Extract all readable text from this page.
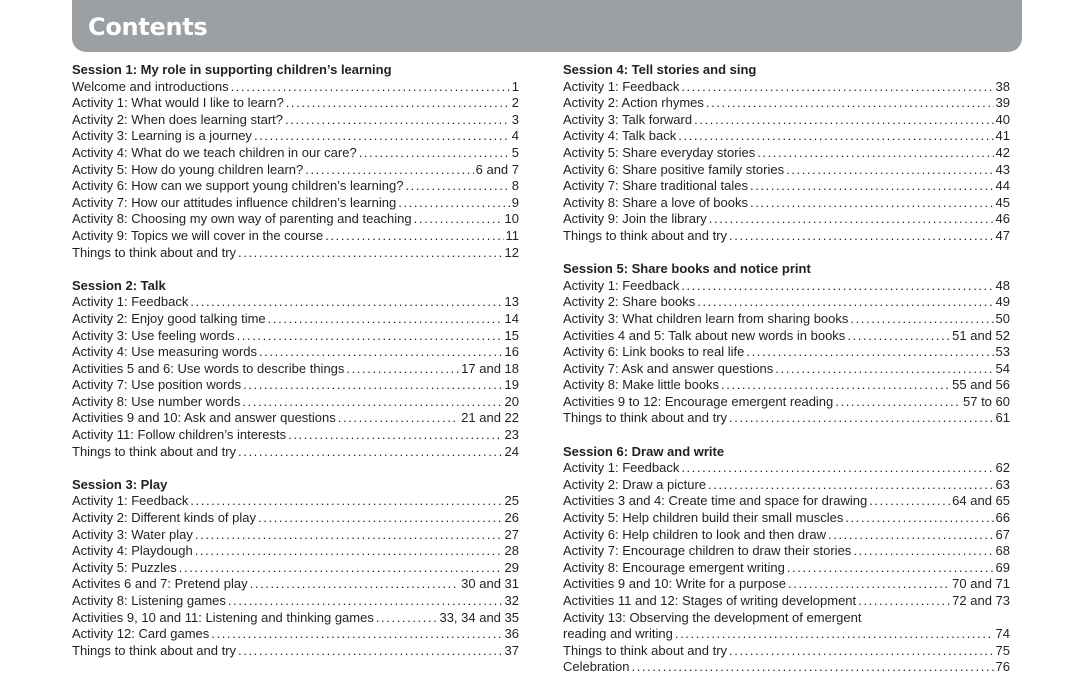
Contents
Session 1: My role in supporting children’s learning
Welcome and introductions .....	1
Activity 1: What would I like to learn? .....	2
Activity 2: When does learning start? .....	3
Activity 3: Learning is a journey .....	4
Activity 4: What do we teach children in our care? .....	5
Activity 5: How do young children learn? .....	6 and 7
Activity 6: How can we support young children’s learning? .....	8
Activity 7: How our attitudes influence children’s learning .....	9
Activity 8: Choosing my own way of parenting and teaching .....	10
Activity 9: Topics we will cover in the course .....	11
Things to think about and try .....	12
Session 2: Talk
Activity 1: Feedback .....	13
Activity 2: Enjoy good talking time .....	14
Activity 3: Use feeling words .....	15
Activity 4: Use measuring words .....	16
Activities 5 and 6: Use words to describe things .....	17 and 18
Activity 7: Use position words .....	19
Activity 8: Use number words .....	20
Activities 9 and 10: Ask and answer questions .....	21 and 22
Activity 11: Follow children’s interests .....	23
Things to think about and try .....	24
Session 3: Play
Activity 1: Feedback .....	25
Activity 2: Different kinds of play .....	26
Activity 3: Water play .....	27
Activity 4: Playdough .....	28
Activity 5: Puzzles .....	29
Activites 6 and 7: Pretend play .....	30 and 31
Activity 8: Listening games .....	32
Activities 9, 10 and 11: Listening and thinking games .....	33, 34 and 35
Activity 12: Card games .....	36
Things to think about and try .....	37
Session 4: Tell stories and sing
Activity 1: Feedback .....	38
Activity 2: Action rhymes .....	39
Activity 3: Talk forward .....	40
Activity 4: Talk back .....	41
Activity 5: Share everyday stories .....	42
Activity 6: Share positive family stories .....	43
Activity 7: Share traditional tales .....	44
Activity 8: Share a love of books .....	45
Activity 9: Join the library .....	46
Things to think about and try .....	47
Session 5: Share books and notice print
Activity 1: Feedback .....	48
Activity 2: Share books .....	49
Activity 3: What children learn from sharing books .....	50
Activities 4 and 5: Talk about new words in books .....	51 and 52
Activity 6: Link books to real life .....	53
Activity 7: Ask and answer questions .....	54
Activity 8: Make little books .....	55 and 56
Activities 9 to 12: Encourage emergent reading .....	57 to 60
Things to think about and try .....	61
Session 6: Draw and write
Activity 1: Feedback .....	62
Activity 2: Draw a picture .....	63
Activities 3 and 4: Create time and space for drawing .....	64 and 65
Activity 5: Help children build their small muscles .....	66
Activity 6: Help children to look and then draw .....	67
Activity 7: Encourage children to draw their stories .....	68
Activity 8: Encourage emergent writing .....	69
Activities 9 and 10: Write for a purpose .....	70 and 71
Activities 11 and 12: Stages of writing development .....	72 and 73
Activity 13: Observing the development of emergent
reading and writing .....	74
Things to think about and try .....	75
Celebration .....	76
